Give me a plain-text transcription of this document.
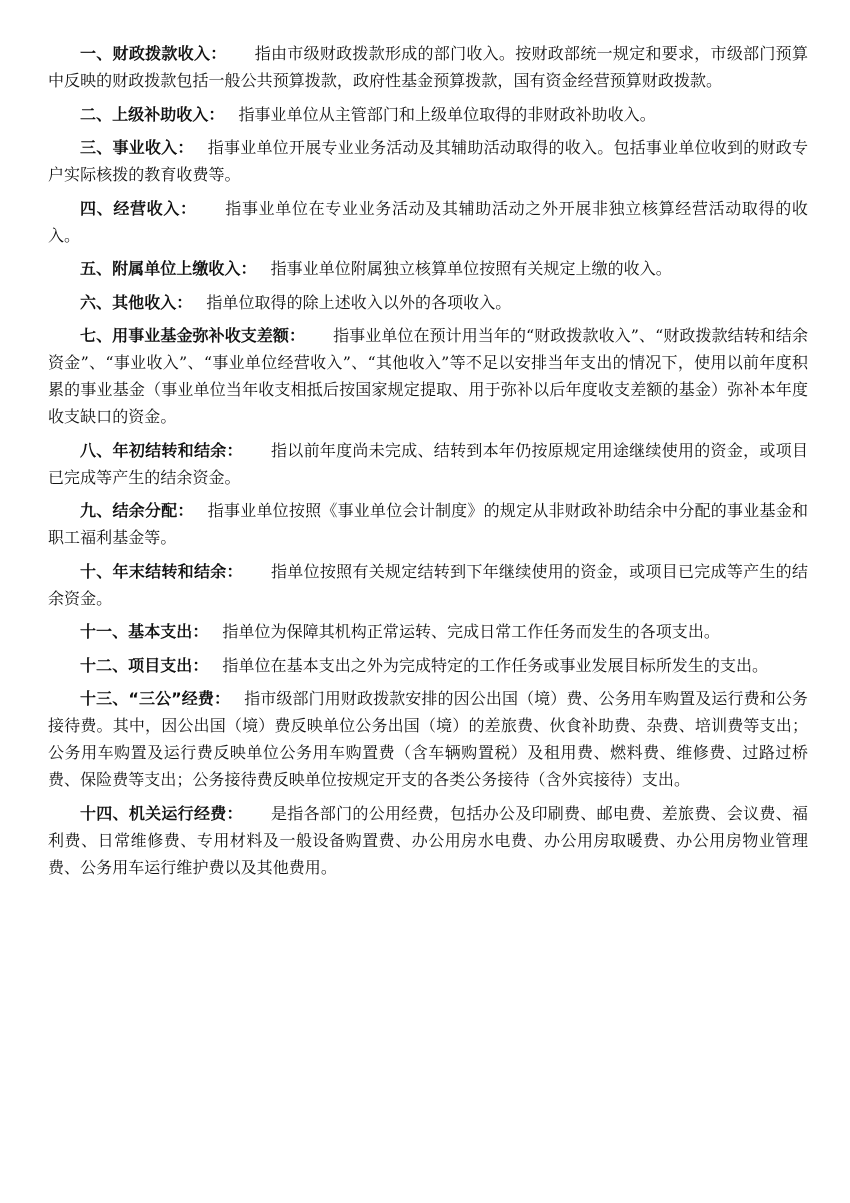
一、财政拨款收入： 指由市级财政拨款形成的部门收入。按财政部统一规定和要求，市级部门预算中反映的财政拨款包括一般公共预算拨款，政府性基金预算拨款，国有资金经营预算财政拨款。

二、上级补助收入： 指事业单位从主管部门和上级单位取得的非财政补助收入。

三、事业收入： 指事业单位开展专业业务活动及其辅助活动取得的收入。包括事业单位收到的财政专户实际核拨的教育收费等。

四、经营收入： 指事业单位在专业业务活动及其辅助活动之外开展非独立核算经营活动取得的收入。

五、附属单位上缴收入： 指事业单位附属独立核算单位按照有关规定上缴的收入。

六、其他收入： 指单位取得的除上述收入以外的各项收入。

七、用事业基金弥补收支差额： 指事业单位在预计用当年的“财政拨款收入”、“财政拨款结转和结余资金”、“事业收入”、“事业单位经营收入”、“其他收入”等不足以安排当年支出的情况下，使用以前年度积累的事业基金（事业单位当年收支相抵后按国家规定提取、用于弥补以后年度收支差额的基金）弥补本年度收支缺口的资金。

八、年初结转和结余： 指以前年度尚未完成、结转到本年仍按原规定用途继续使用的资金，或项目已完成等产生的结余资金。

九、结余分配： 指事业单位按照《事业单位会计制度》的规定从非财政补助结余中分配的事业基金和职工福利基金等。

十、年末结转和结余： 指单位按照有关规定结转到下年继续使用的资金，或项目已完成等产生的结余资金。

十一、基本支出： 指单位为保障其机构正常运转、完成日常工作任务而发生的各项支出。

十二、项目支出： 指单位在基本支出之外为完成特定的工作任务或事业发展目标所发生的支出。

十三、“三公”经费： 指市级部门用财政拨款安排的因公出国（境）费、公务用车购置及运行费和公务接待费。其中，因公出国（境）费反映单位公务出国（境）的差旅费、伙食补助费、杂费、培训费等支出；公务用车购置及运行费反映单位公务用车购置费（含车辆购置税）及租用费、燃料费、维修费、过路过桥费、保险费等支出；公务接待费反映单位按规定开支的各类公务接待（含外宾接待）支出。

十四、机关运行经费： 是指各部门的公用经费，包括办公及印刷费、邮电费、差旅费、会议费、福利费、日常维修费、专用材料及一般设备购置费、办公用房水电费、办公用房取暖费、办公用房物业管理费、公务用车运行维护费以及其他费用。
